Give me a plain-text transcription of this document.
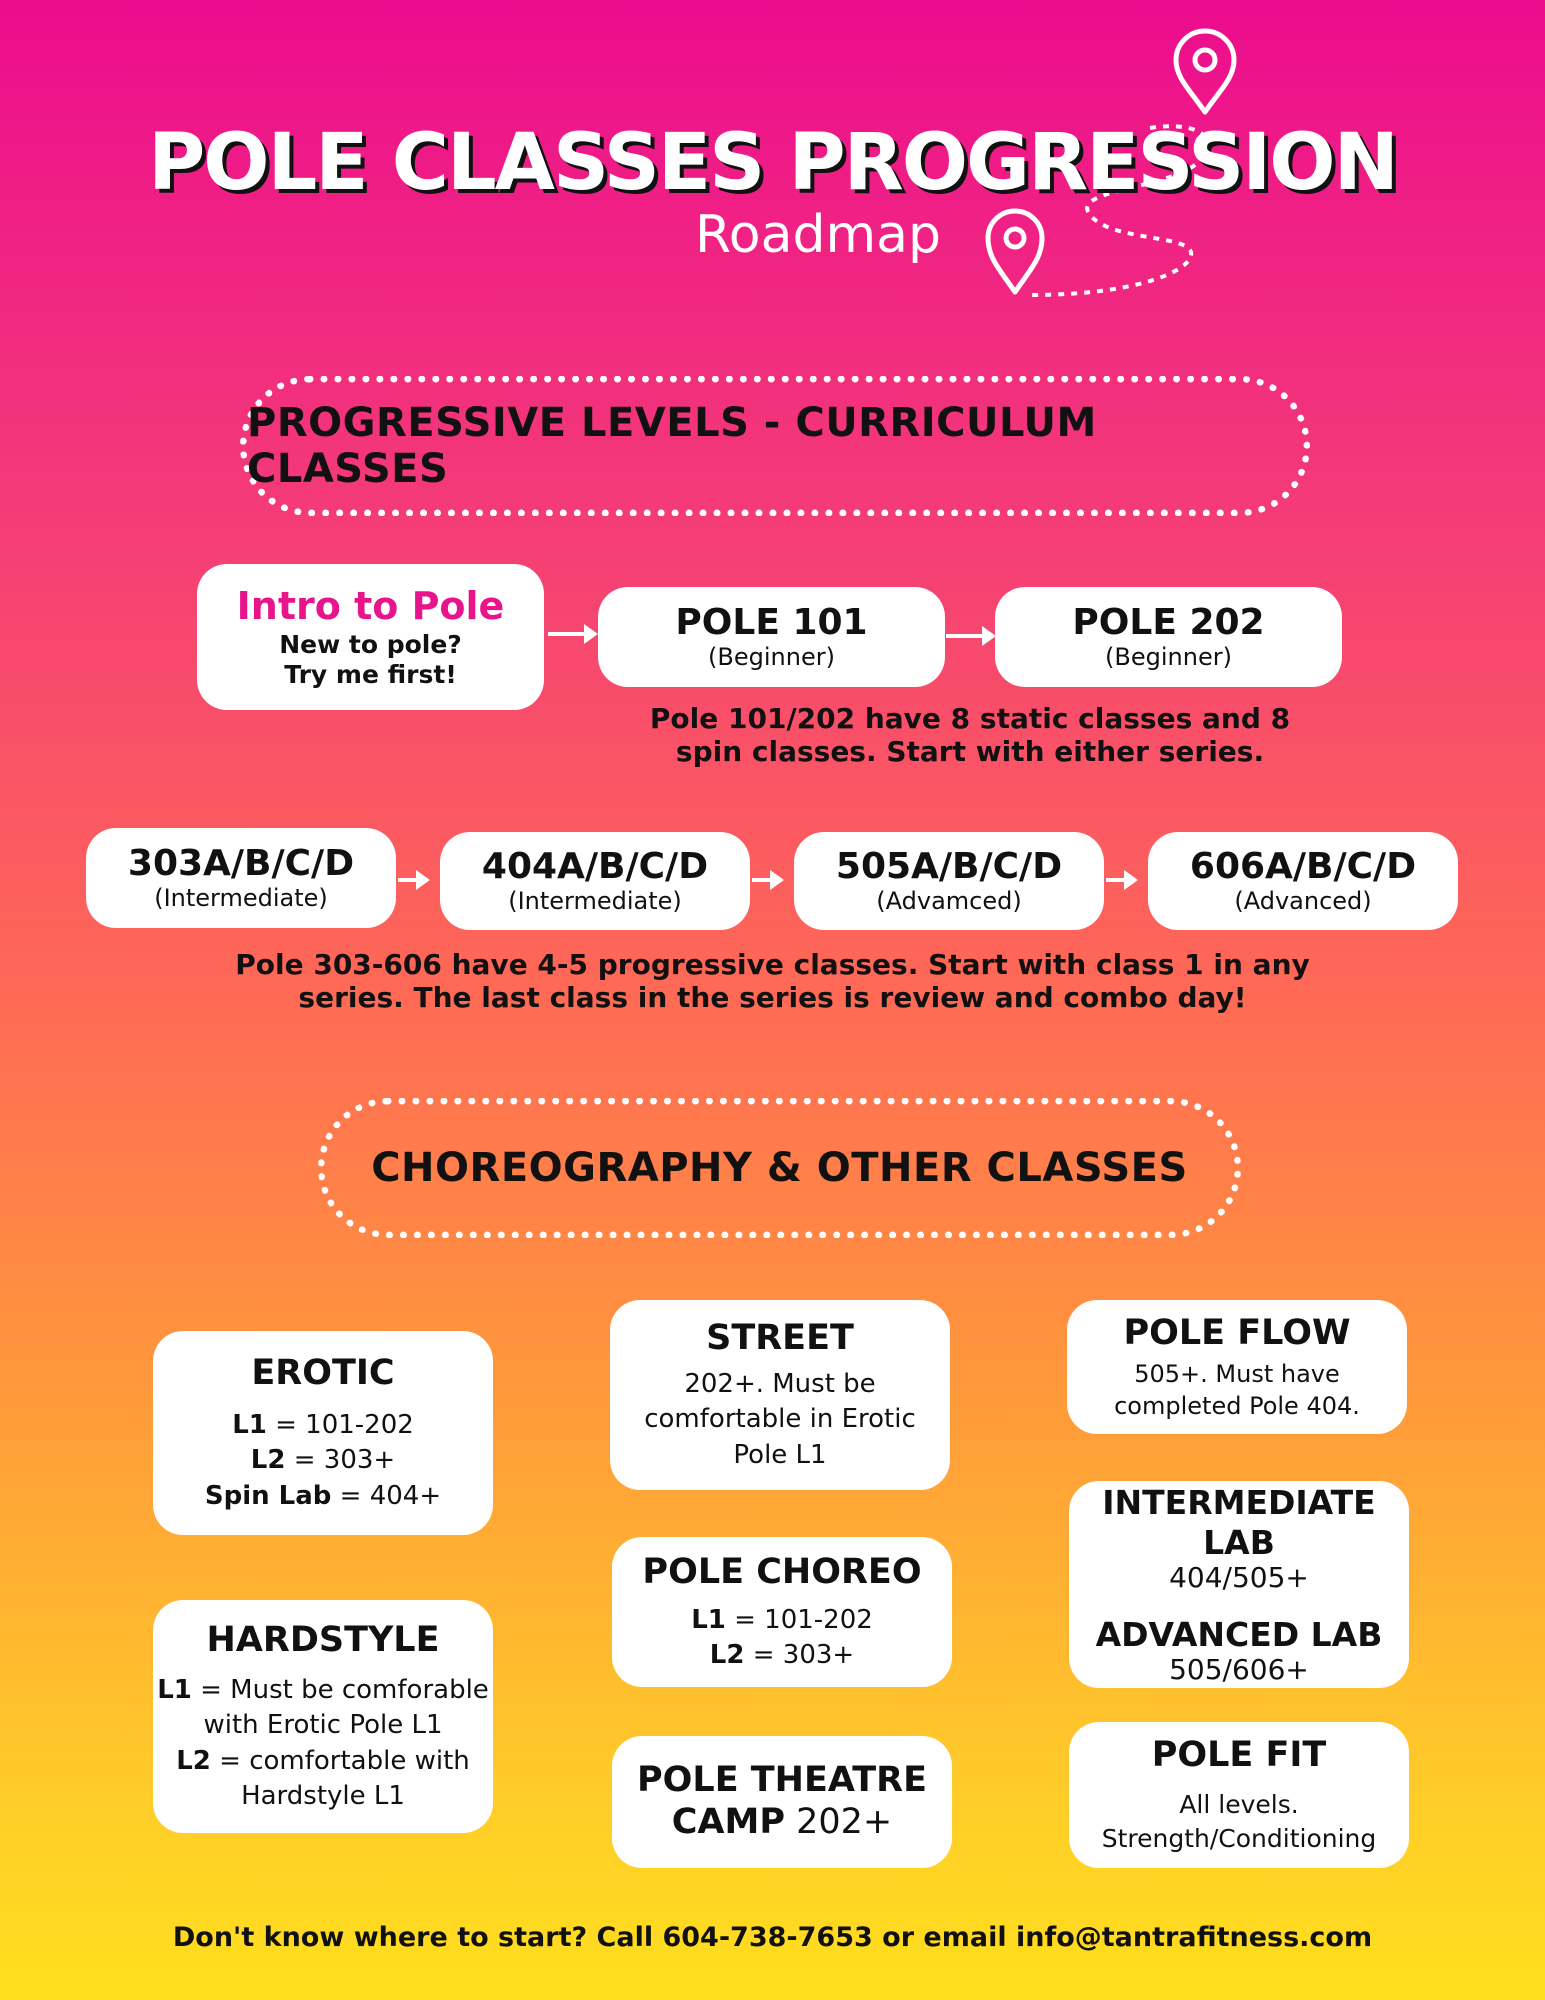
POLE CLASSES PROGRESSION
Roadmap
PROGRESSIVE LEVELS - CURRICULUM CLASSES
Intro to Pole
New to pole?
Try me first!
POLE 101
(Beginner)
POLE 202
(Beginner)
Pole 101/202 have 8 static classes and 8
spin classes. Start with either series.
303A/B/C/D
(Intermediate)
404A/B/C/D
(Intermediate)
505A/B/C/D
(Advamced)
606A/B/C/D
(Advanced)
Pole 303-606 have 4-5 progressive classes. Start with class 1 in any
series. The last class in the series is review and combo day!
CHOREOGRAPHY & OTHER CLASSES
EROTIC
L1 = 101-202
L2 = 303+
Spin Lab = 404+
HARDSTYLE
L1 = Must be comforable
with Erotic Pole L1
L2 = comfortable with
Hardstyle L1
STREET
202+. Must be
comfortable in Erotic
Pole L1
POLE CHOREO
L1 = 101-202
L2 = 303+
POLE THEATRE
CAMP 202+
POLE FLOW
505+. Must have
completed Pole 404.
INTERMEDIATE LAB
404/505+
ADVANCED LAB
505/606+
POLE FIT
All levels.
Strength/Conditioning
Don't know where to start? Call 604-738-7653 or email info@tantrafitness.com
